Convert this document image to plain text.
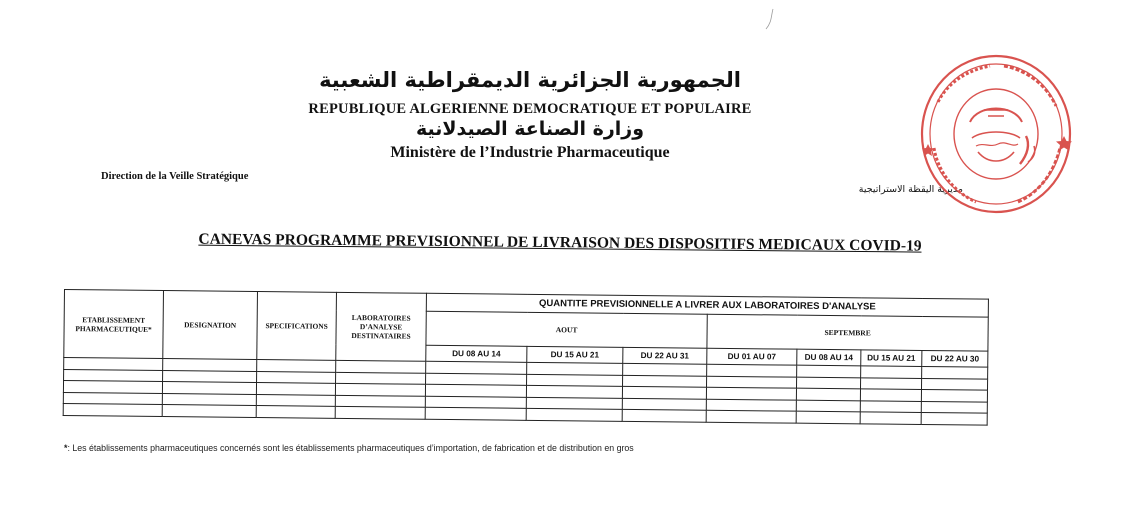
الجمهورية الجزائرية الديمقراطية الشعبية
REPUBLIQUE ALGERIENNE DEMOCRATIQUE ET POPULAIRE
وزارة الصناعة الصيدلانية
Ministère de l’Industrie Pharmaceutique
Direction de la Veille Stratégique
مديرية اليقظة الاستراتيجية
CANEVAS PROGRAMME PREVISIONNEL DE LIVRAISON DES DISPOSITIFS MEDICAUX COVID-19
ETABLISSEMENT PHARMACEUTIQUE*	DESIGNATION	SPECIFICATIONS	LABORATOIRES D’ANALYSE DESTINATAIRES	QUANTITE PREVISIONNELLE A LIVRER AUX LABORATOIRES D'ANALYSE						
				AOUT			SEPTEMBRE			
				DU 08 AU 14	DU 15 AU 21	DU 22 AU 31	DU 01 AU 07	DU 08 AU 14	DU 15 AU 21	DU 22 AU 30

*: Les établissements pharmaceutiques concernés sont les établissements pharmaceutiques d’importation, de fabrication et de distribution en gros
